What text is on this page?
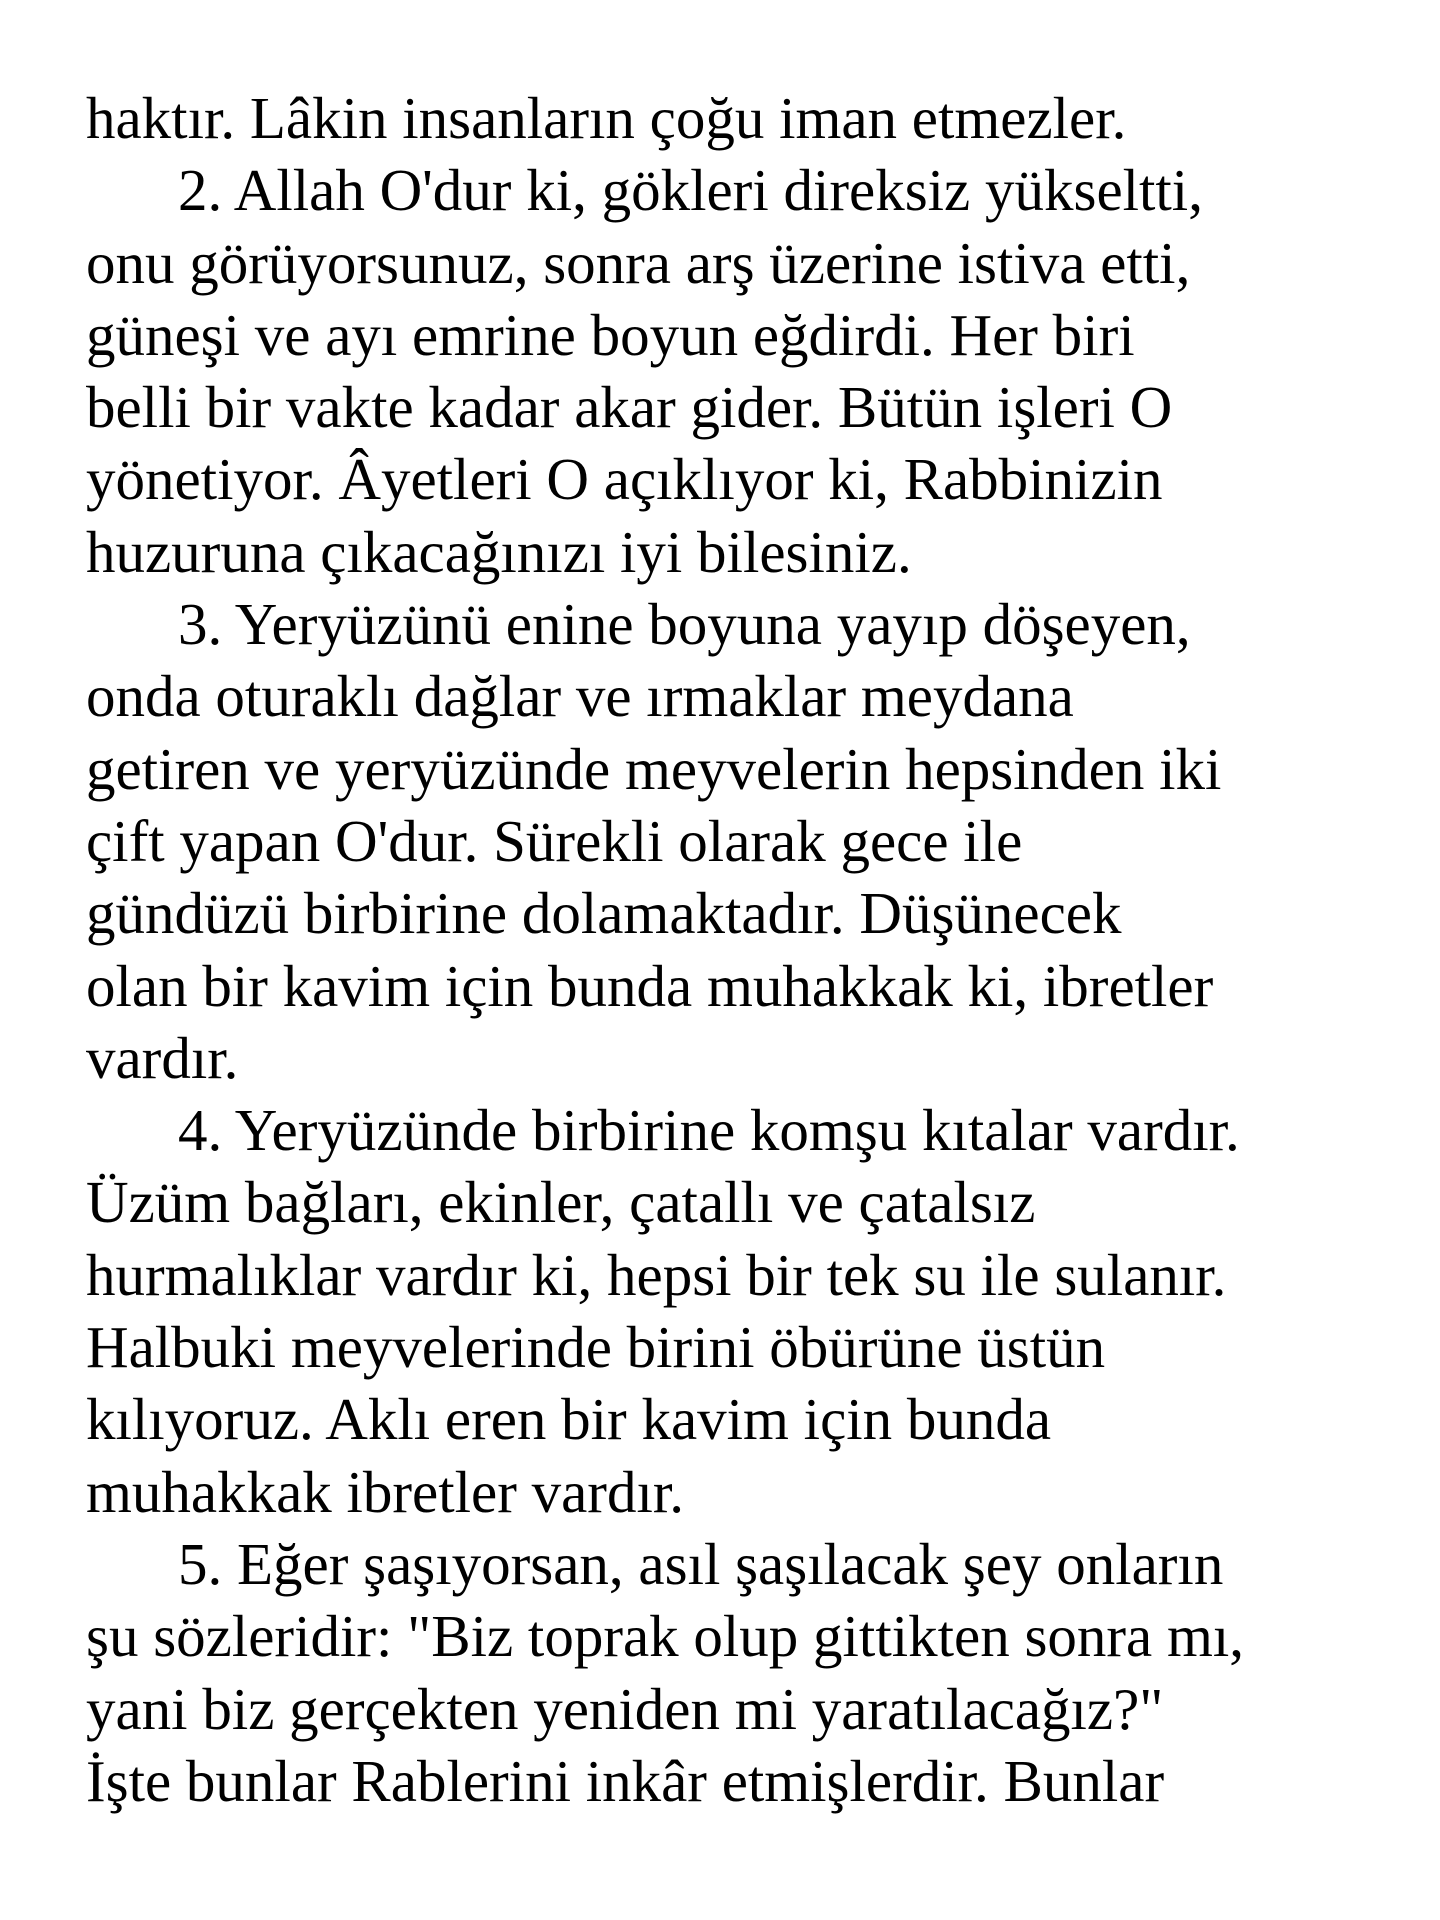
haktır. Lâkin insanların çoğu iman etmezler.
2. Allah O'dur ki, gökleri direksiz yükseltti,
onu görüyorsunuz, sonra arş üzerine istiva etti,
güneşi ve ayı emrine boyun eğdirdi. Her biri
belli bir vakte kadar akar gider. Bütün işleri O
yönetiyor. Âyetleri O açıklıyor ki, Rabbinizin
huzuruna çıkacağınızı iyi bilesiniz.
3. Yeryüzünü enine boyuna yayıp döşeyen,
onda oturaklı dağlar ve ırmaklar meydana
getiren ve yeryüzünde meyvelerin hepsinden iki
çift yapan O'dur. Sürekli olarak gece ile
gündüzü birbirine dolamaktadır. Düşünecek
olan bir kavim için bunda muhakkak ki, ibretler
vardır.
4. Yeryüzünde birbirine komşu kıtalar vardır.
Üzüm bağları, ekinler, çatallı ve çatalsız
hurmalıklar vardır ki, hepsi bir tek su ile sulanır.
Halbuki meyvelerinde birini öbürüne üstün
kılıyoruz. Aklı eren bir kavim için bunda
muhakkak ibretler vardır.
5. Eğer şaşıyorsan, asıl şaşılacak şey onların
şu sözleridir: "Biz toprak olup gittikten sonra mı,
yani biz gerçekten yeniden mi yaratılacağız?"
İşte bunlar Rablerini inkâr etmişlerdir. Bunlar
